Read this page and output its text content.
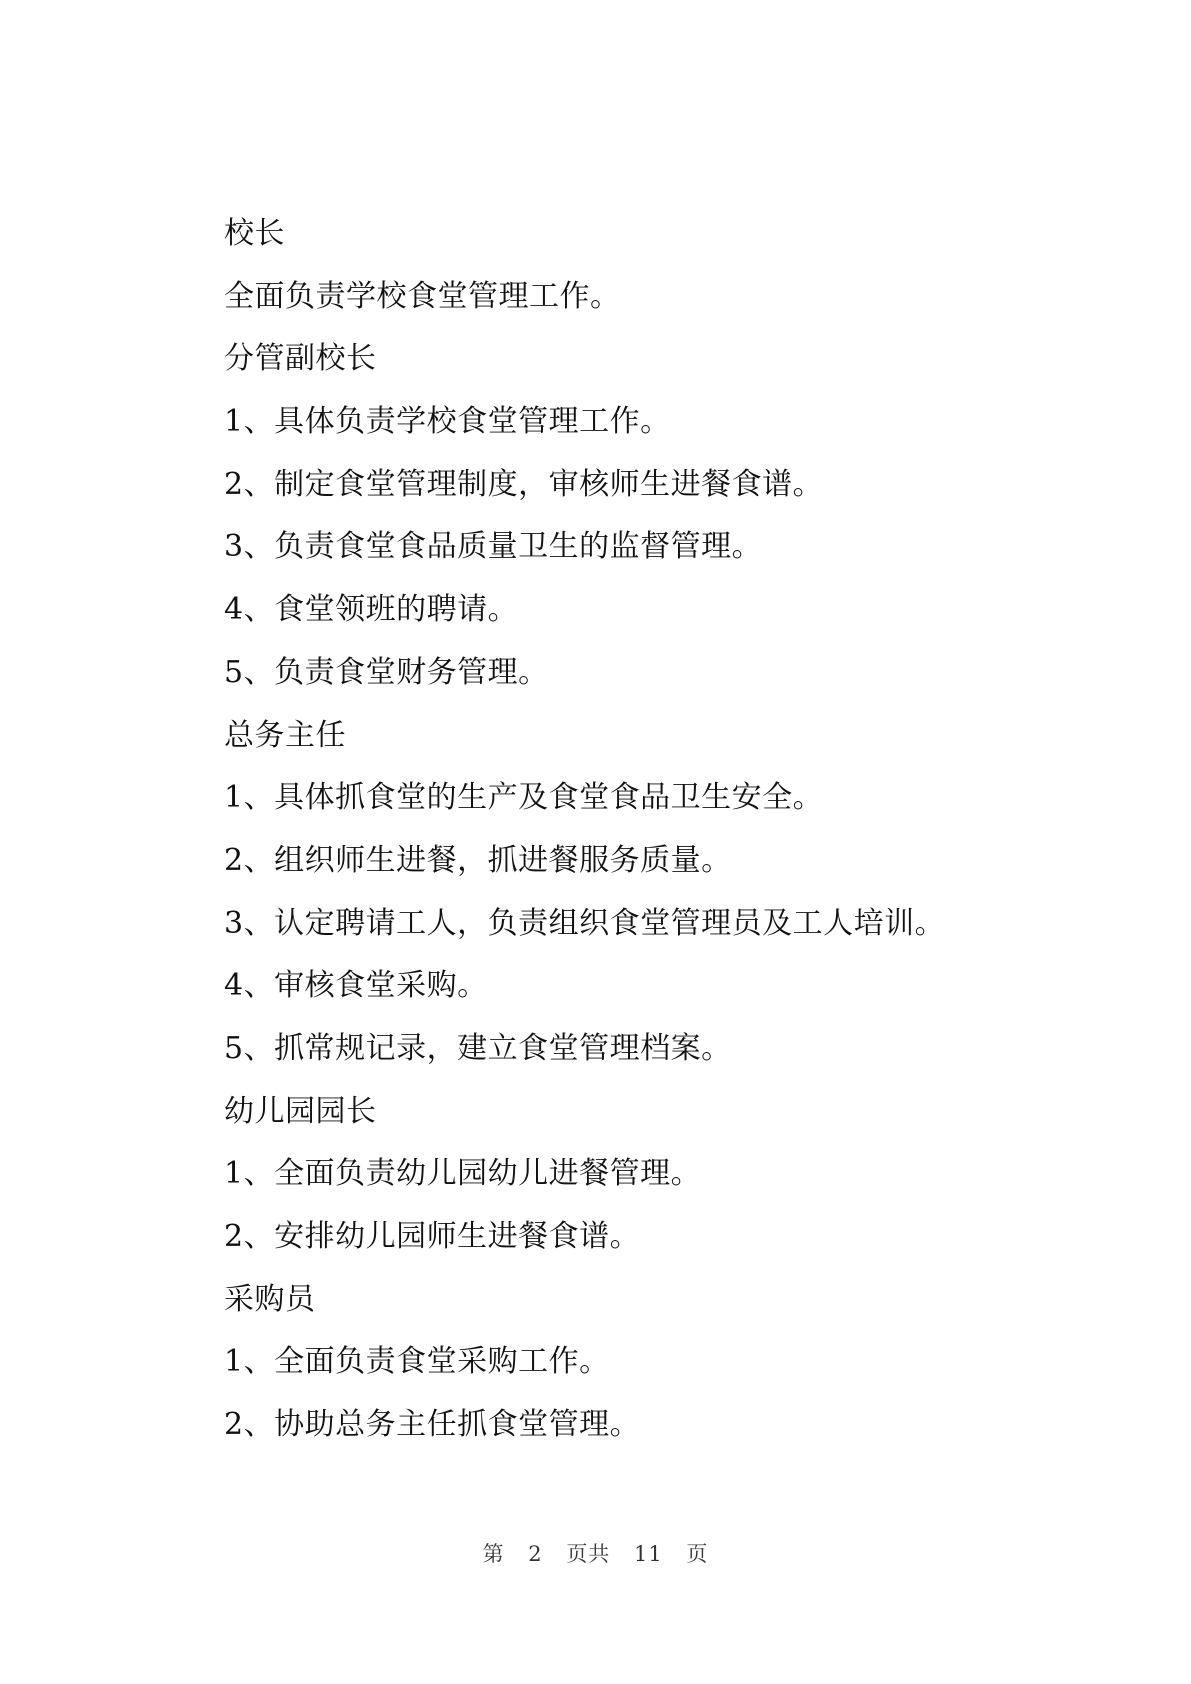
校长
全面负责学校食堂管理工作。
分管副校长
1、具体负责学校食堂管理工作。
2、制定食堂管理制度，审核师生进餐食谱。
3、负责食堂食品质量卫生的监督管理。
4、食堂领班的聘请。
5、负责食堂财务管理。
总务主任
1、具体抓食堂的生产及食堂食品卫生安全。
2、组织师生进餐，抓进餐服务质量。
3、认定聘请工人，负责组织食堂管理员及工人培训。
4、审核食堂采购。
5、抓常规记录，建立食堂管理档案。
幼儿园园长
1、全面负责幼儿园幼儿进餐管理。
2、安排幼儿园师生进餐食谱。
采购员
1、全面负责食堂采购工作。
2、协助总务主任抓食堂管理。
第 2 页共 11 页
